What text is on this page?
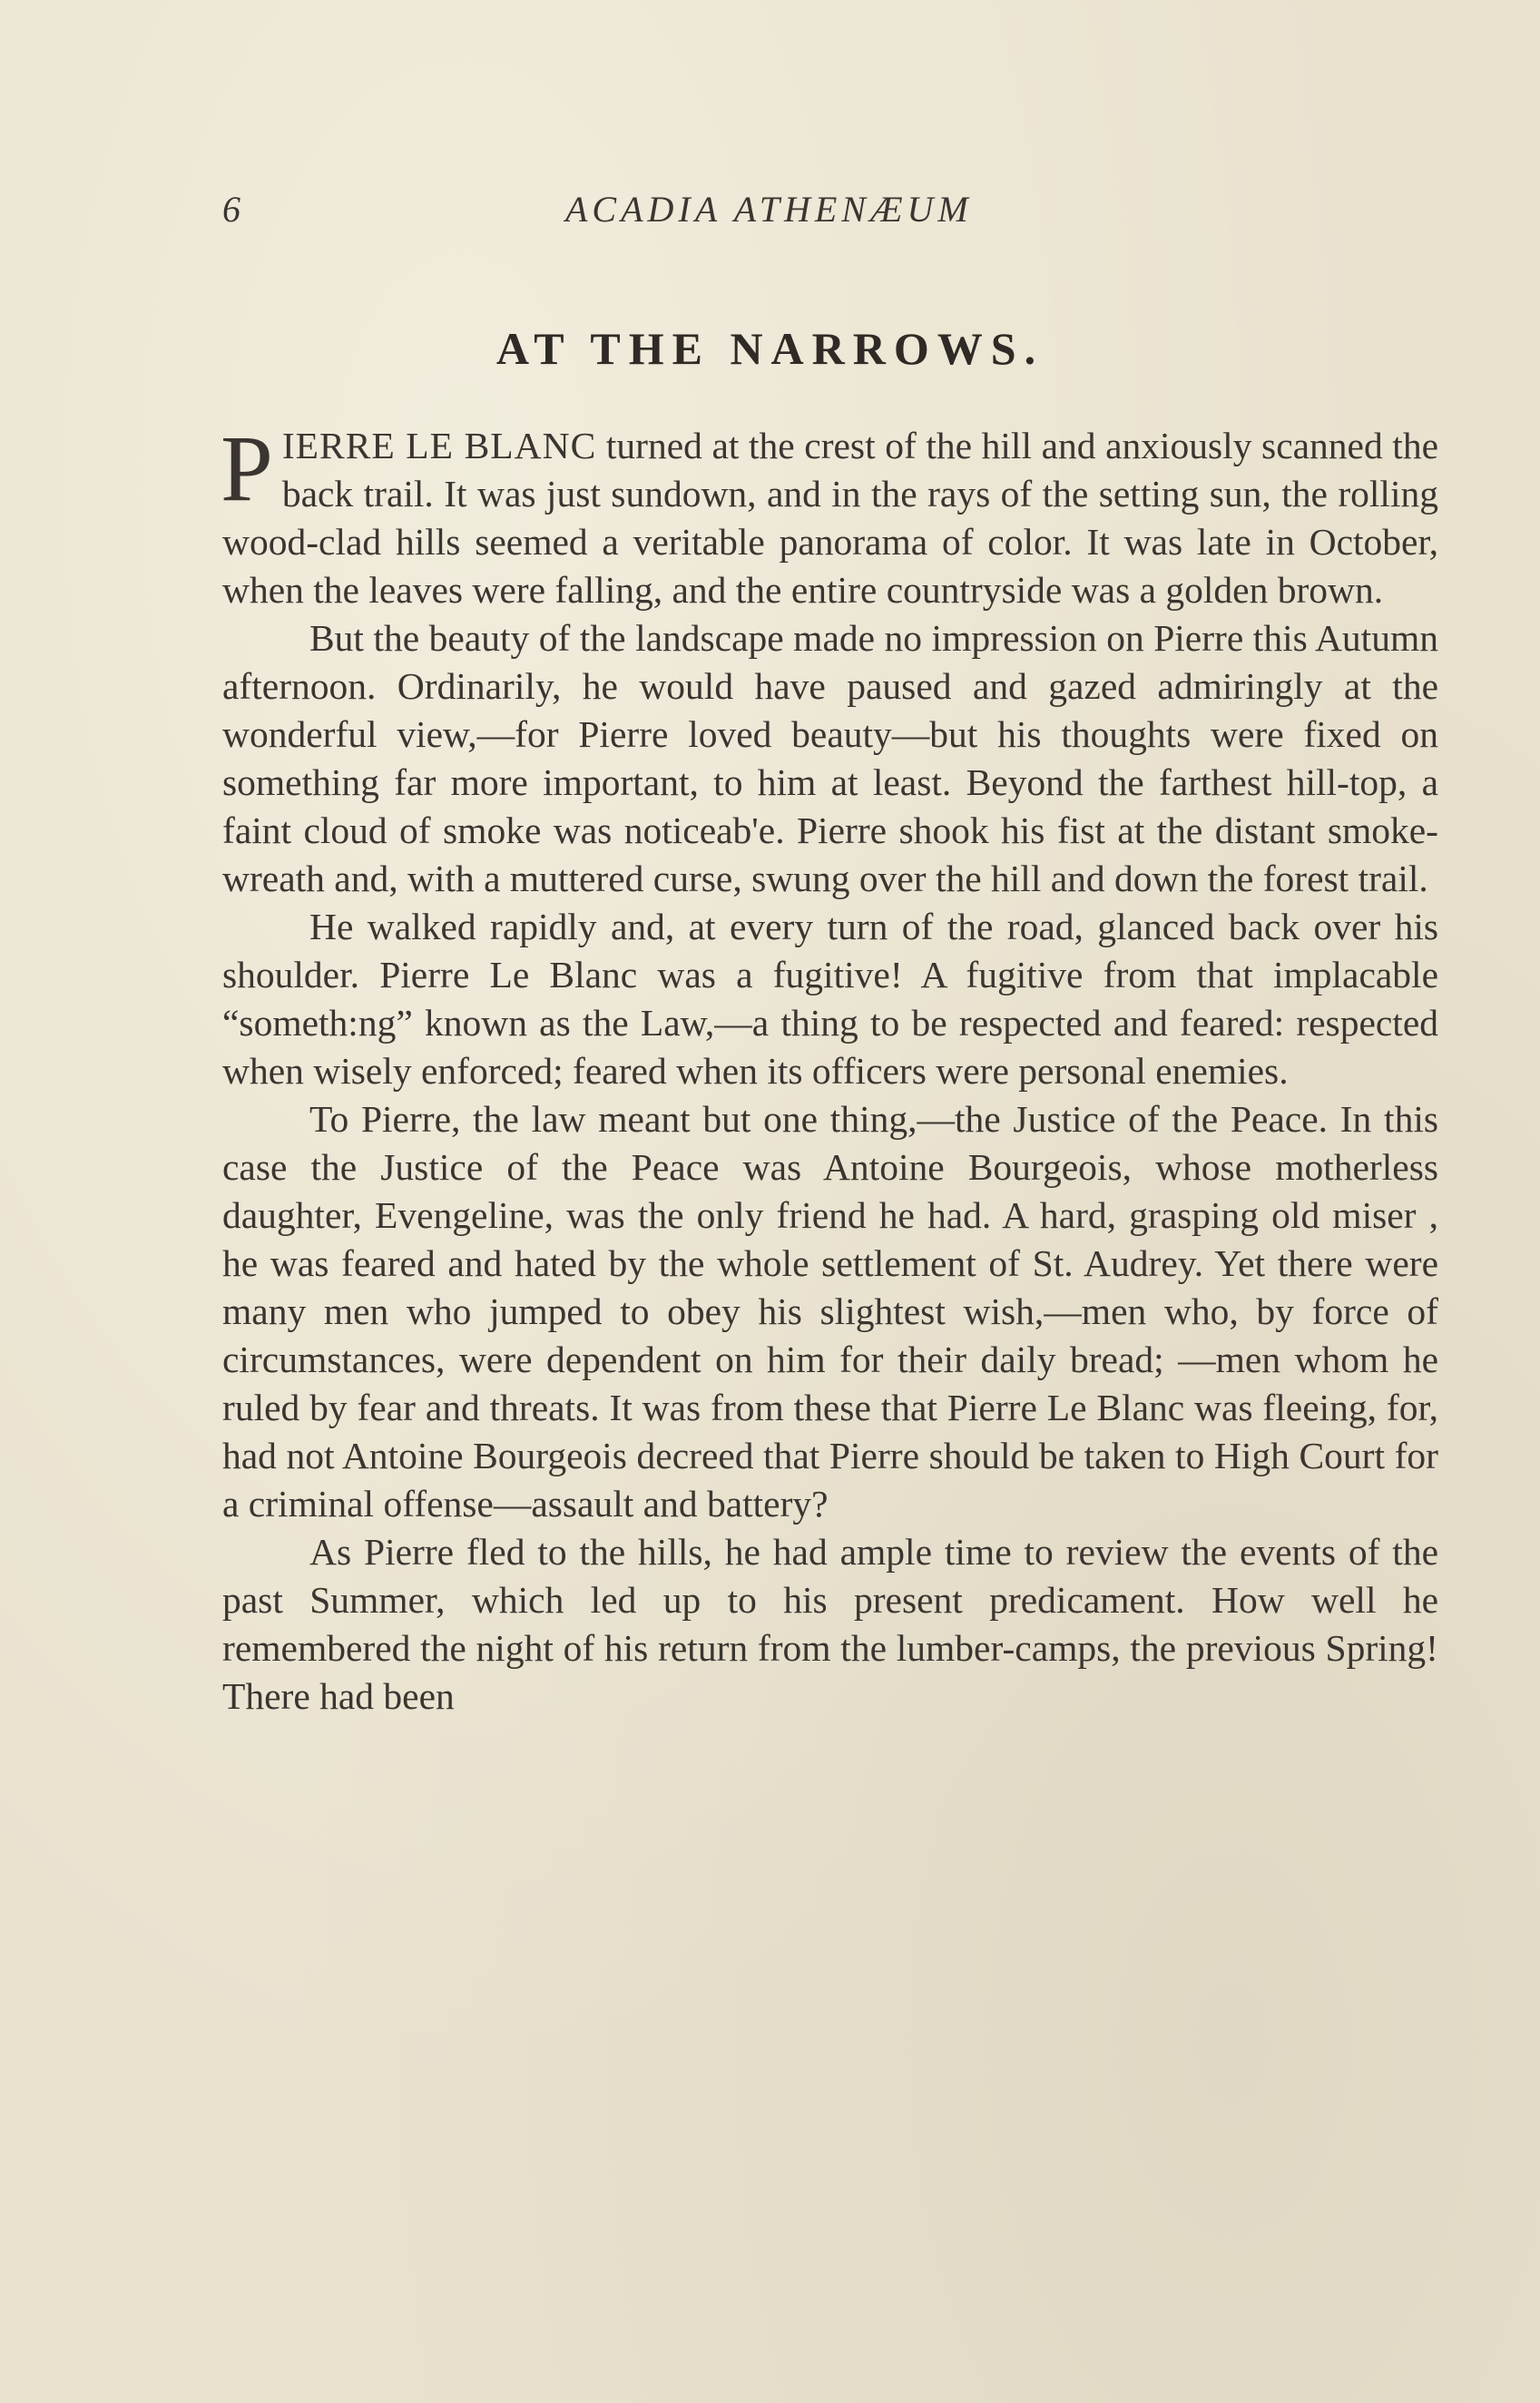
6	ACADIA ATHENÆUM
AT THE NARROWS.

PIERRE LE BLANC turned at the crest of the hill and anxiously scanned the back trail. It was just sundown, and in the rays of the setting sun, the rolling wood-clad hills seemed a veritable panorama of color. It was late in October, when the leaves were falling, and the entire countryside was a golden brown.

But the beauty of the landscape made no impression on Pierre this Autumn afternoon. Ordinarily, he would have paused and gazed admiringly at the wonderful view,—for Pierre loved beauty—but his thoughts were fixed on something far more important, to him at least. Beyond the farthest hill-top, a faint cloud of smoke was noticeab'e. Pierre shook his fist at the distant smoke-wreath and, with a muttered curse, swung over the hill and down the forest trail.

He walked rapidly and, at every turn of the road, glanced back over his shoulder. Pierre Le Blanc was a fugitive! A fugitive from that implacable “someth:ng” known as the Law,—a thing to be respected and feared: respected when wisely enforced; feared when its officers were personal enemies.

To Pierre, the law meant but one thing,—the Justice of the Peace. In this case the Justice of the Peace was Antoine Bourgeois, whose motherless daughter, Evengeline, was the only friend he had. A hard, grasping old miser , he was feared and hated by the whole settlement of St. Audrey. Yet there were many men who jumped to obey his slightest wish,—men who, by force of circumstances, were dependent on him for their daily bread; —men whom he ruled by fear and threats. It was from these that Pierre Le Blanc was fleeing, for, had not Antoine Bourgeois decreed that Pierre should be taken to High Court for a criminal offense—assault and battery?

As Pierre fled to the hills, he had ample time to review the events of the past Summer, which led up to his present predicament. How well he remembered the night of his return from the lumber-camps, the previous Spring! There had been
